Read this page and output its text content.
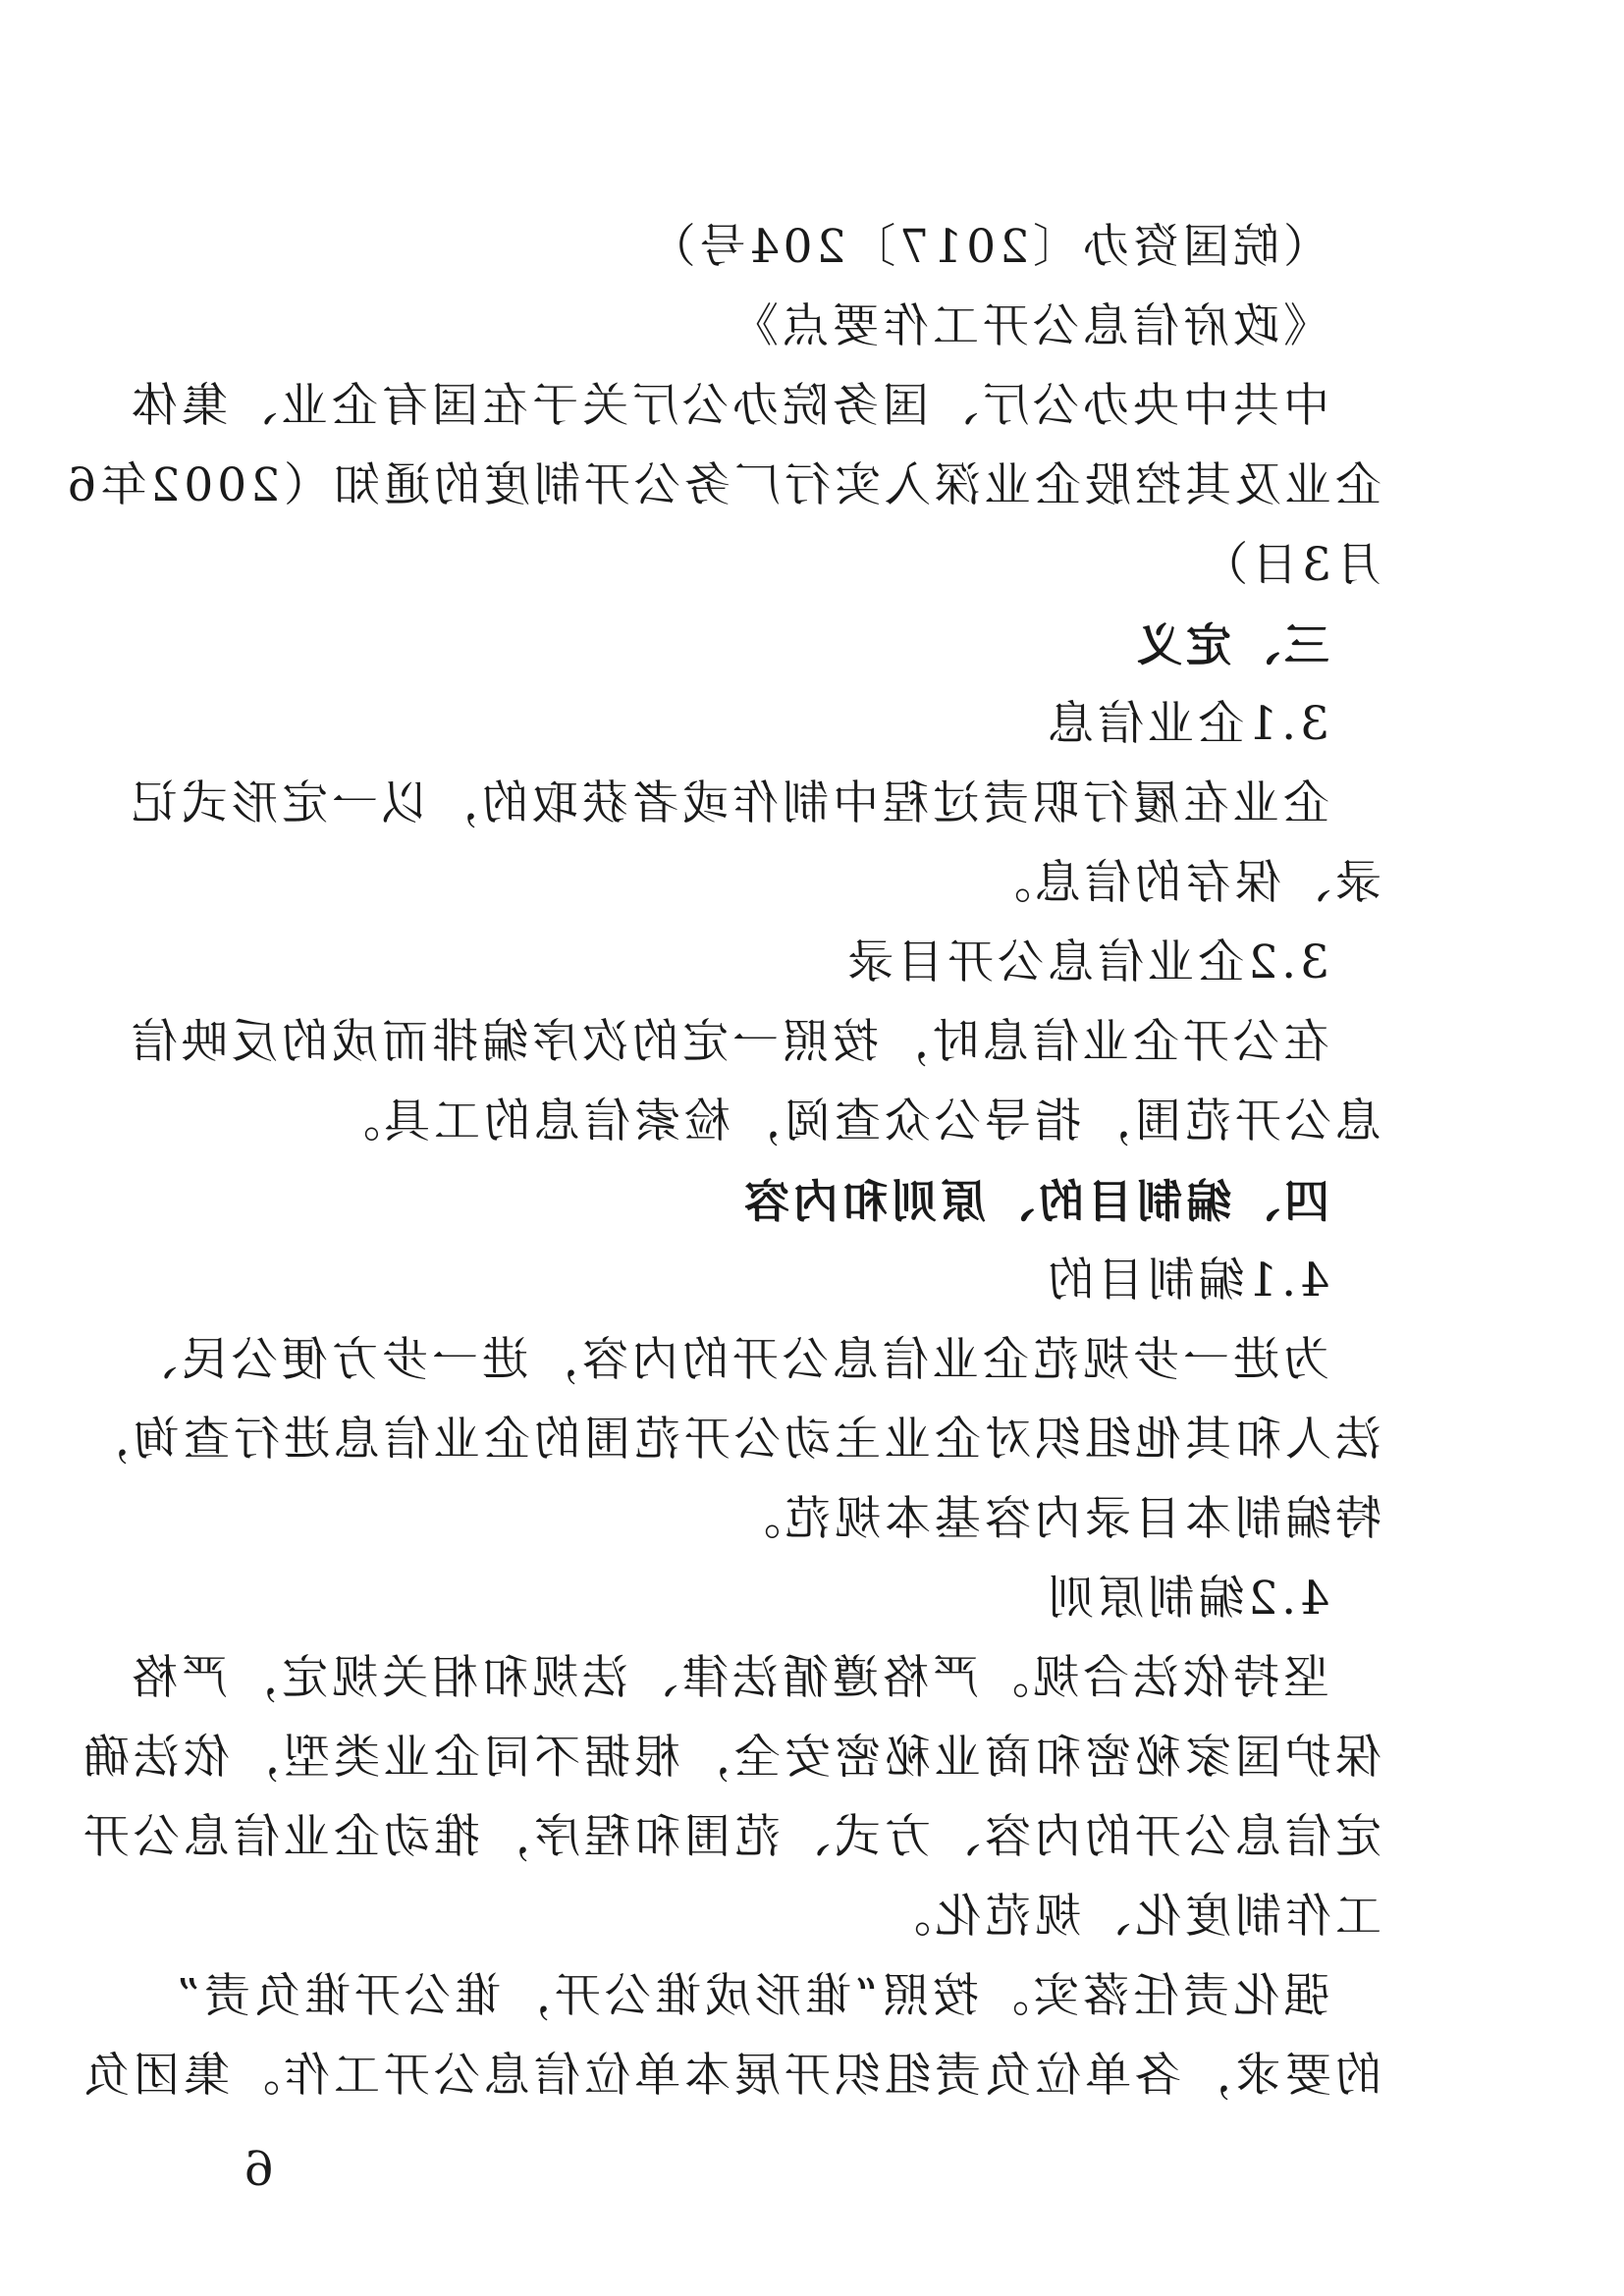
（皖国资办〔2017〕204号）
《政府信息公开工作要点》
中共中央办公厅、国务院办公厅关于在国有企业、集体
企业及其控股企业深入实行厂务公开制度的通知（2002年6
月3日）
三、定义
3.1企业信息
企业在履行职责过程中制作或者获取的，以一定形式记
录、保存的信息。
3.2企业信息公开目录
在公开企业信息时，按照一定的次序编排而成的反映信
息公开范围，指导公众查阅，检索信息的工具。
四、编制目的、原则和内容
4.1编制目的
为进一步规范企业信息公开的内容，进一步方便公民、
法人和其他组织对企业主动公开范围的企业信息进行查询，
特编制本目录内容基本规范。
4.2编制原则
坚持依法合规。严格遵循法律、法规和相关规定，严格
保护国家秘密和商业秘密安全，根据不同企业类型，依法确
定信息公开的内容、方式、范围和程序，推动企业信息公开
工作制度化、规范化。
强化责任落实。按照“谁形成谁公开，谁公开谁负责”
的要求，各单位负责组织开展本单位信息公开工作。集团负
6
